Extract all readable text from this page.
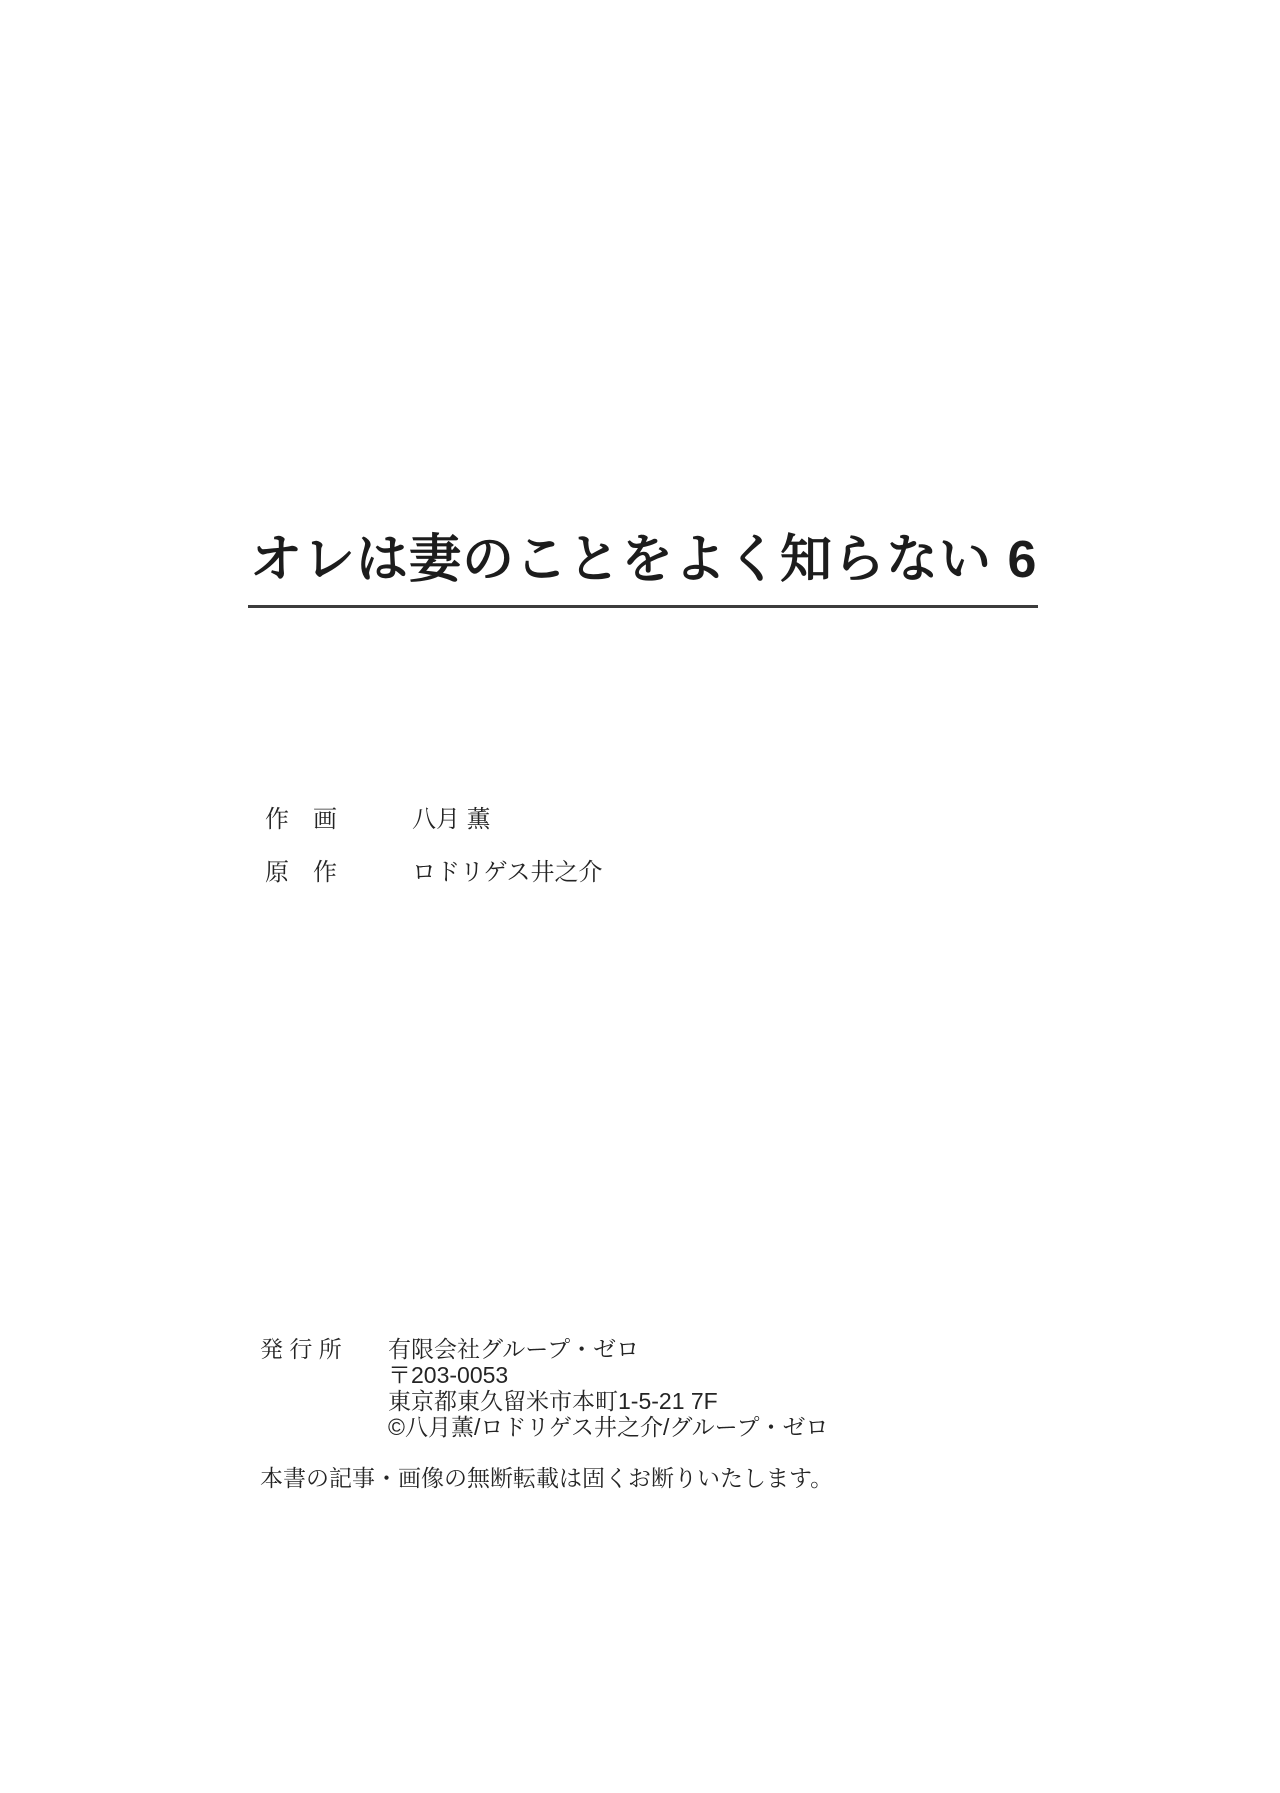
オレは妻のことをよく知らない 6
作　画	八月 薫
原　作	ロドリゲス井之介
発 行 所	有限会社グループ・ゼロ
〒203-0053
東京都東久留米市本町1-5-21 7F
©八月薫/ロドリゲス井之介/グループ・ゼロ
本書の記事・画像の無断転載は固くお断りいたします。
